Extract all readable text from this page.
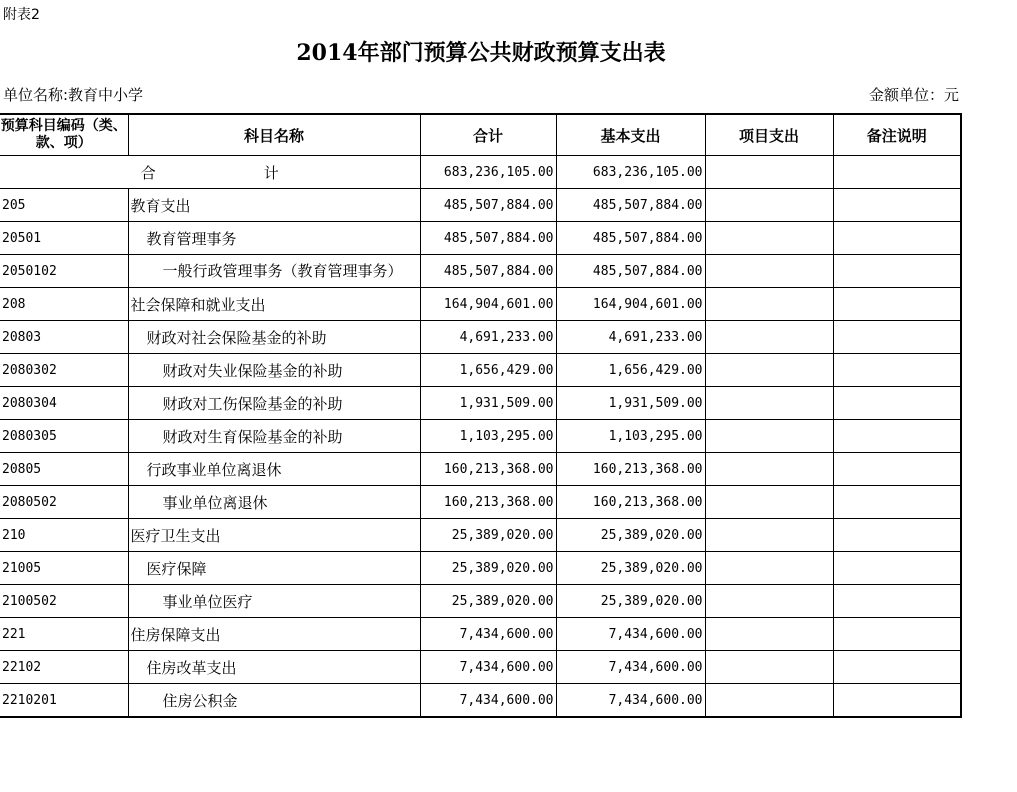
附表2
2014年部门预算公共财政预算支出表
单位名称:教育中小学	金额单位：元
预算科目编码（类、款、项）	科目名称	合计	基本支出	项目支出	备注说明
合 计		683,236,105.00	683,236,105.00		
205	教育支出	485,507,884.00	485,507,884.00		
20501	教育管理事务	485,507,884.00	485,507,884.00		
2050102	一般行政管理事务（教育管理事务）	485,507,884.00	485,507,884.00		
208	社会保障和就业支出	164,904,601.00	164,904,601.00		
20803	财政对社会保险基金的补助	4,691,233.00	4,691,233.00		
2080302	财政对失业保险基金的补助	1,656,429.00	1,656,429.00		
2080304	财政对工伤保险基金的补助	1,931,509.00	1,931,509.00		
2080305	财政对生育保险基金的补助	1,103,295.00	1,103,295.00		
20805	行政事业单位离退休	160,213,368.00	160,213,368.00		
2080502	事业单位离退休	160,213,368.00	160,213,368.00		
210	医疗卫生支出	25,389,020.00	25,389,020.00		
21005	医疗保障	25,389,020.00	25,389,020.00		
2100502	事业单位医疗	25,389,020.00	25,389,020.00		
221	住房保障支出	7,434,600.00	7,434,600.00		
22102	住房改革支出	7,434,600.00	7,434,600.00		
2210201	住房公积金	7,434,600.00	7,434,600.00		
